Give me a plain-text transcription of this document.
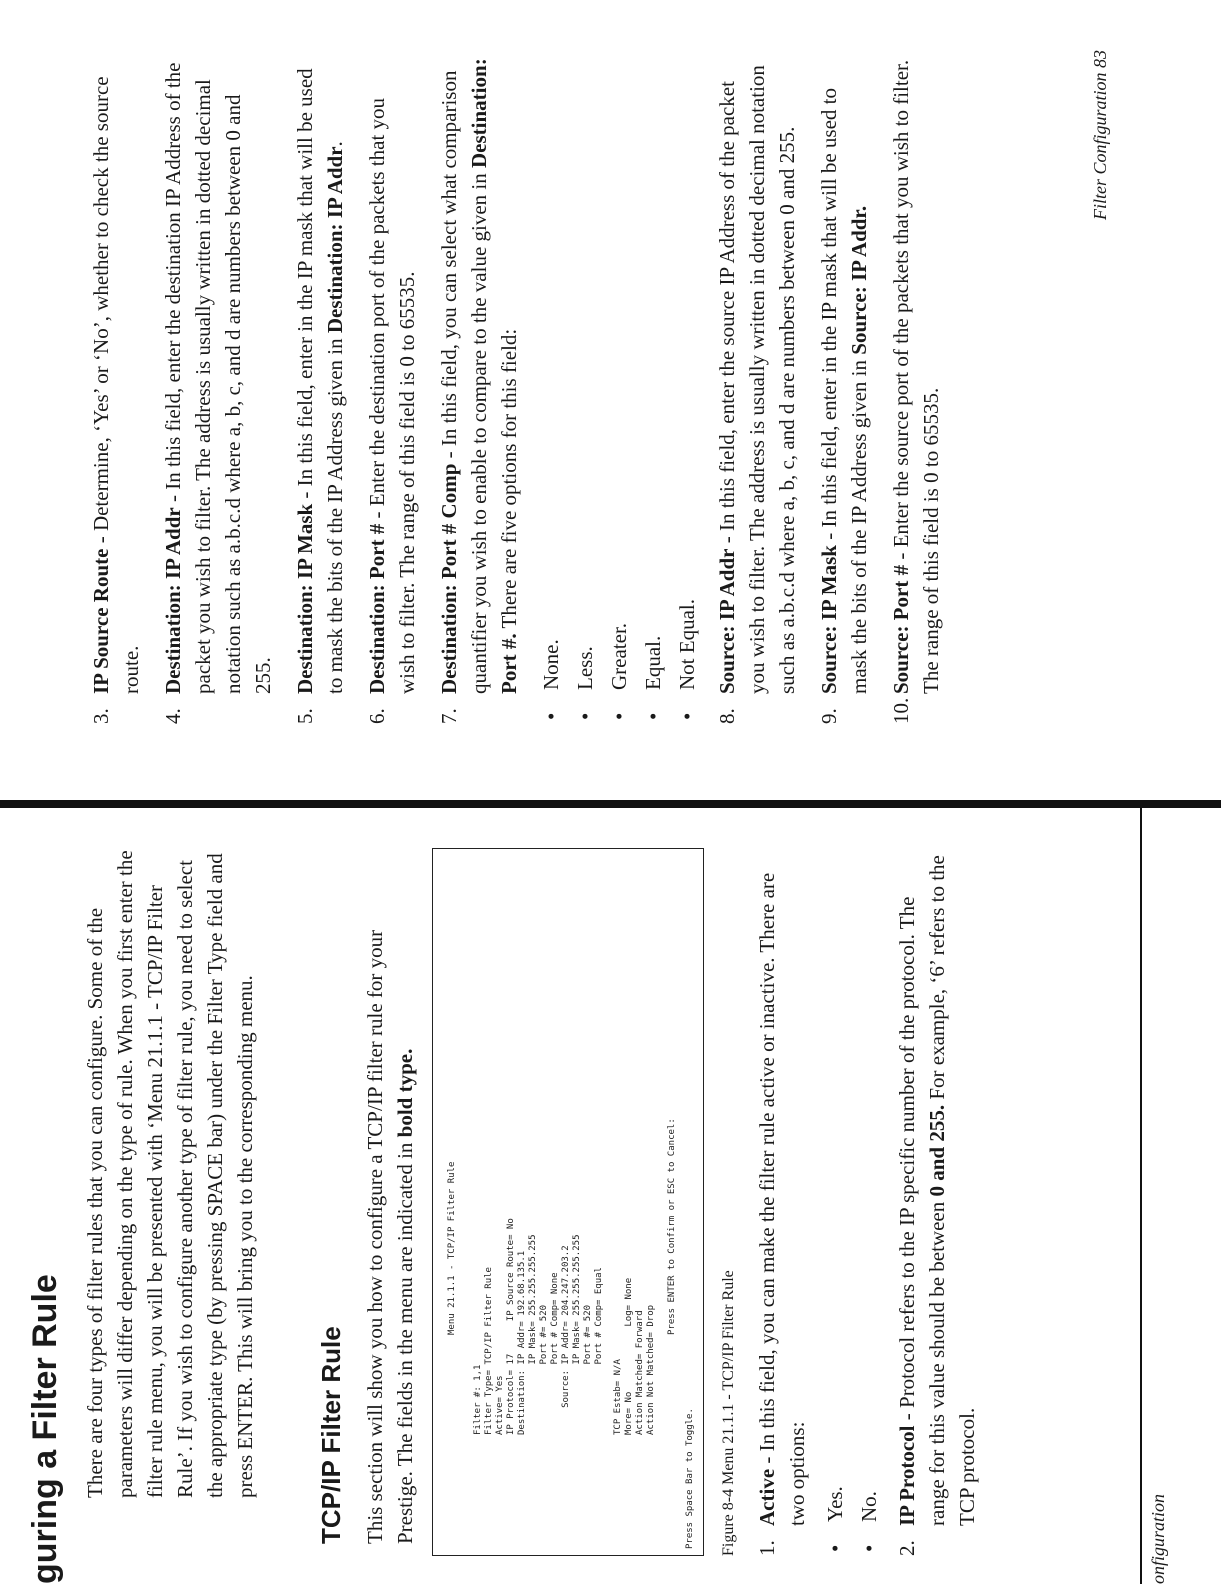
guring a Filter Rule There are four types of filter rules that you can configure. Some of the parameters will differ depending on the type of rule. When you first enter the filter rule menu, you will be presented with ‘Menu 21.1.1 - TCP/IP Filter Rule’. If you wish to configure another type of filter rule, you need to select the appropriate type (by pressing SPACE bar) under the Filter Type field and press ENTER. This will bring you to the corresponding menu. TCP/IP Filter Rule This section will show you how to configure a TCP/IP filter rule for your Prestige. The fields in the menu are indicated in bold type.

Menu 21.1.1 - TCP/IP Filter Rule
Filter #: 1,1 Filter Type= TCP/IP Filter Rule Active= Yes IP Protocol= 17      IP Source Route= No Destination: IP Addr= 192.68.135.1 IP Mask= 255.255.255.255 Port #= 520 Port # Comp= None Source: IP Addr= 204.247.203.2 IP Mask= 255.255.255.255 Port #= 520 Port # Comp= Equal TCP Estab= N/A More= No            Log= None Action Matched= Forward Action Not Matched= Drop
Press ENTER to Confirm or ESC to Cancel:
Press Space Bar to Toggle. Figure 8-4 Menu 21.1.1 - TCP/IP Filter Rule 1.
Active - In this field, you can make the filter rule active or inactive. There are two options:
•
Yes.
•
No.
2.
IP Protocol - Protocol refers to the IP specific number of the protocol. The range for this value should be between 0 and 255. For example, ‘6’ refers to the TCP protocol.
onfiguration
3.
IP Source Route - Determine, ‘Yes’ or ‘No’, whether to check the source route.
4.
Destination: IP Addr - In this field, enter the destination IP Address of the packet you wish to filter. The address is usually written in dotted decimal notation such as a.b.c.d where a, b, c, and d are numbers between 0 and 255.
5.
Destination: IP Mask - In this field, enter in the IP mask that will be used to mask the bits of the IP Address given in Destination: IP Addr.
6.
Destination: Port # - Enter the destination port of the packets that you wish to filter. The range of this field is 0 to 65535.
7.
Destination: Port # Comp - In this field, you can select what comparison quantifier you wish to enable to compare to the value given in Destination: Port #. There are five options for this field:
•
None.
•
Less.
•
Greater.
•
Equal.
•
Not Equal.
8.
Source: IP Addr - In this field, enter the source IP Address of the packet you wish to filter. The address is usually written in dotted decimal notation such as a.b.c.d where a, b, c, and d are numbers between 0 and 255.
9.
Source: IP Mask - In this field, enter in the IP mask that will be used to mask the bits of the IP Address given in Source: IP Addr.
10.
Source: Port # - Enter the source port of the packets that you wish to filter. The range of this field is 0 to 65535.
Filter Configuration 83
